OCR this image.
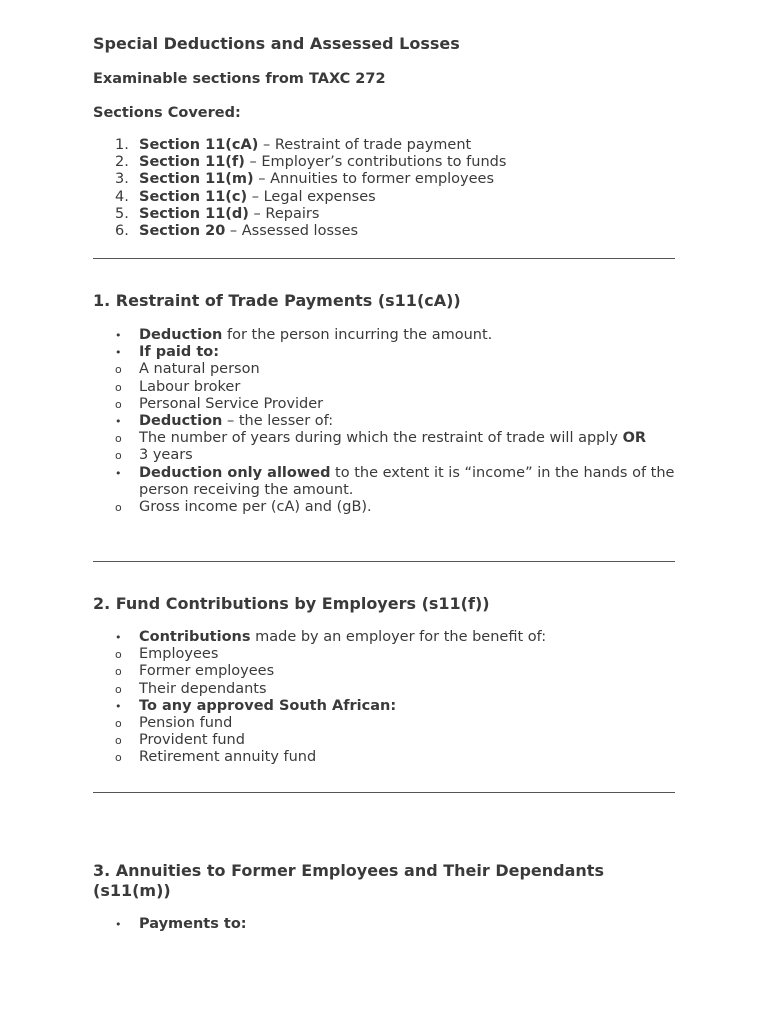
Special Deductions and Assessed Losses
Examinable sections from TAXC 272
Sections Covered:
1. Section 11(cA) – Restraint of trade payment
2. Section 11(f) – Employer’s contributions to funds
3. Section 11(m) – Annuities to former employees
4. Section 11(c) – Legal expenses
5. Section 11(d) – Repairs
6. Section 20 – Assessed losses
1. Restraint of Trade Payments (s11(cA))
• Deduction for the person incurring the amount.
• If paid to:
o A natural person
o Labour broker
o Personal Service Provider
• Deduction – the lesser of:
o The number of years during which the restraint of trade will apply OR
o 3 years
• Deduction only allowed to the extent it is “income” in the hands of the person receiving the amount.
o Gross income per (cA) and (gB).
2. Fund Contributions by Employers (s11(f))
• Contributions made by an employer for the benefit of:
o Employees
o Former employees
o Their dependants
• To any approved South African:
o Pension fund
o Provident fund
o Retirement annuity fund
3. Annuities to Former Employees and Their Dependants (s11(m))
• Payments to:
